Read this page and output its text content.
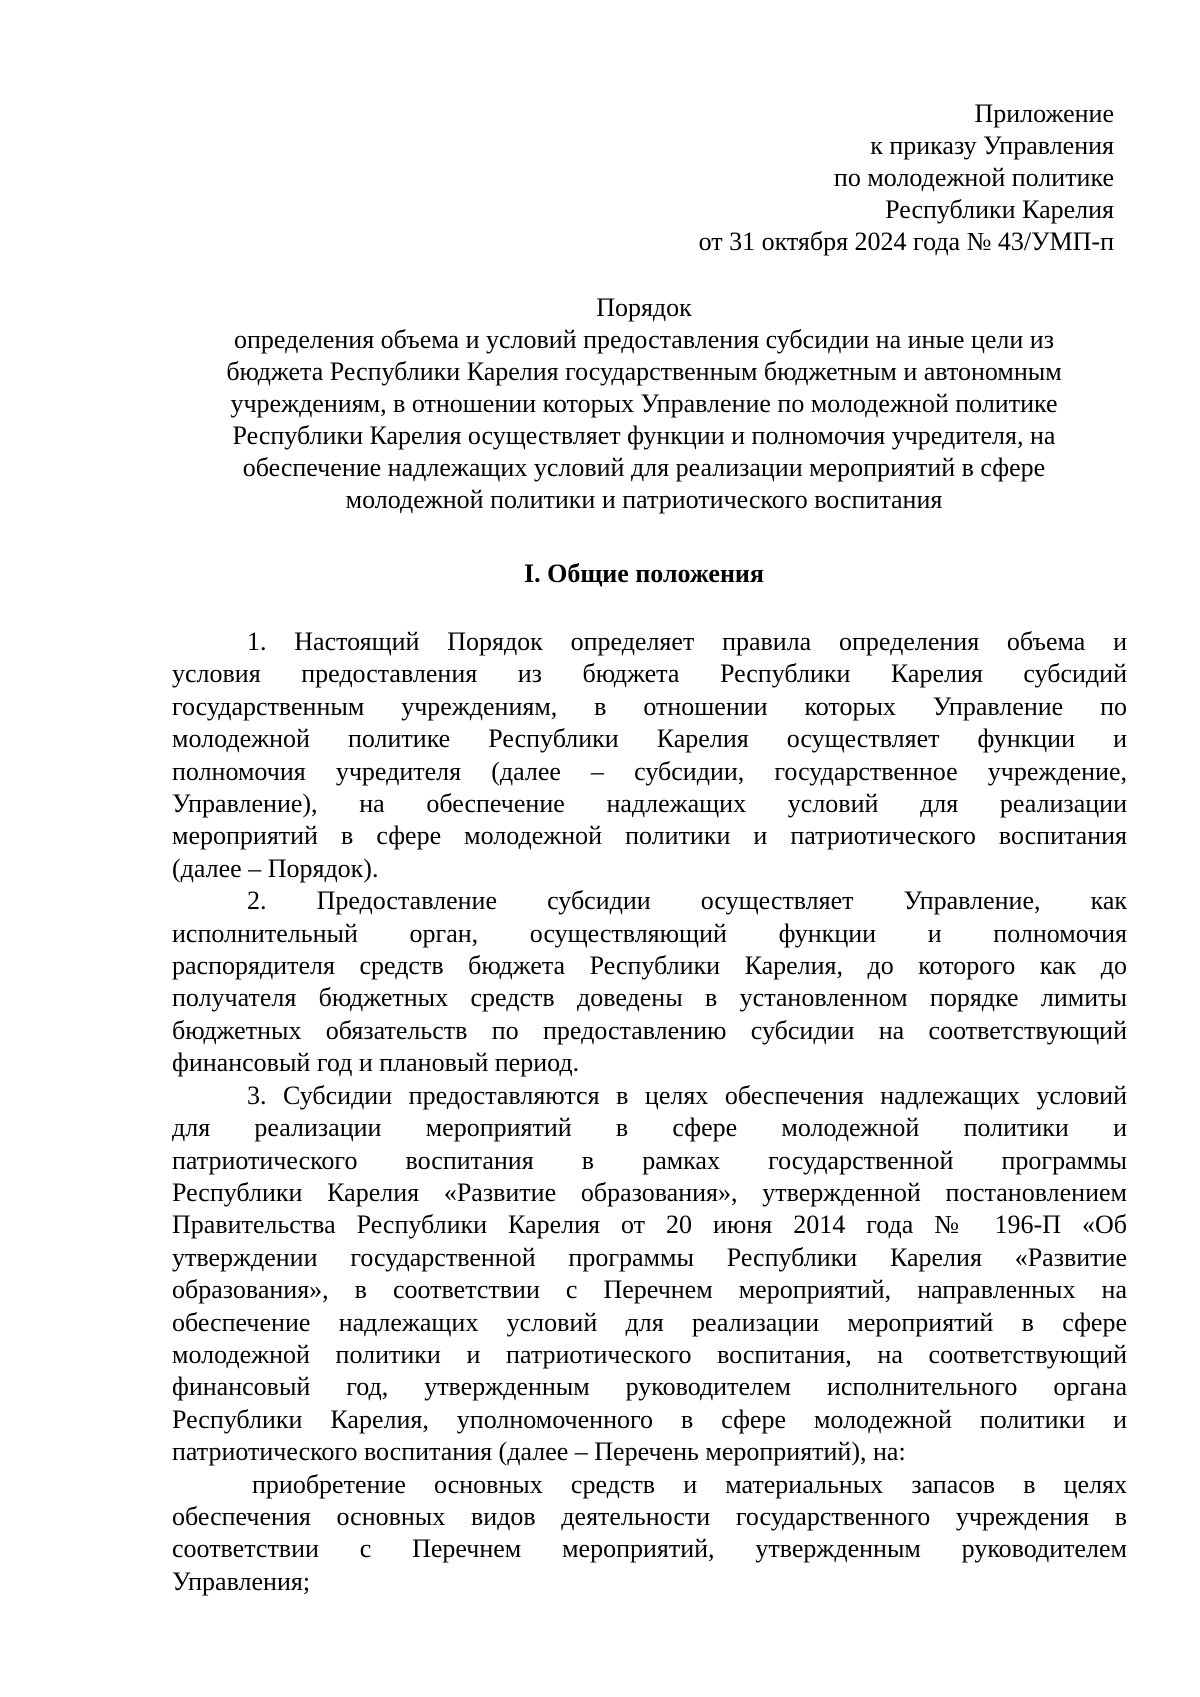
Приложение
к приказу Управления
по молодежной политике
Республики Карелия
от 31 октября 2024 года № 43/УМП-п
Порядок
определения объема и условий предоставления субсидии на иные цели из
бюджета Республики Карелия государственным бюджетным и автономным
учреждениям, в отношении которых Управление по молодежной политике
Республики Карелия осуществляет функции и полномочия учредителя, на
обеспечение надлежащих условий для реализации мероприятий в сфере
молодежной политики и патриотического воспитания
I. Общие положения
1. Настоящий Порядок определяет правила определения объема и
условия предоставления из бюджета Республики Карелия субсидий
государственным учреждениям, в отношении которых Управление по
молодежной политике Республики Карелия осуществляет функции и
полномочия учредителя (далее – субсидии, государственное учреждение,
Управление), на обеспечение надлежащих условий для реализации
мероприятий в сфере молодежной политики и патриотического воспитания
(далее – Порядок).
2. Предоставление субсидии осуществляет Управление, как
исполнительный орган, осуществляющий функции и полномочия
распорядителя средств бюджета Республики Карелия, до которого как до
получателя бюджетных средств доведены в установленном порядке лимиты
бюджетных обязательств по предоставлению субсидии на соответствующий
финансовый год и плановый период.
3. Субсидии предоставляются в целях обеспечения надлежащих условий
для реализации мероприятий в сфере молодежной политики и
патриотического воспитания в рамках государственной программы
Республики Карелия «Развитие образования», утвержденной постановлением
Правительства Республики Карелия от 20 июня 2014 года № 196-П «Об
утверждении государственной программы Республики Карелия «Развитие
образования», в соответствии с Перечнем мероприятий, направленных на
обеспечение надлежащих условий для реализации мероприятий в сфере
молодежной политики и патриотического воспитания, на соответствующий
финансовый год, утвержденным руководителем исполнительного органа
Республики Карелия, уполномоченного в сфере молодежной политики и
патриотического воспитания (далее – Перечень мероприятий), на:
приобретение основных средств и материальных запасов в целях
обеспечения основных видов деятельности государственного учреждения в
соответствии с Перечнем мероприятий, утвержденным руководителем
Управления;
